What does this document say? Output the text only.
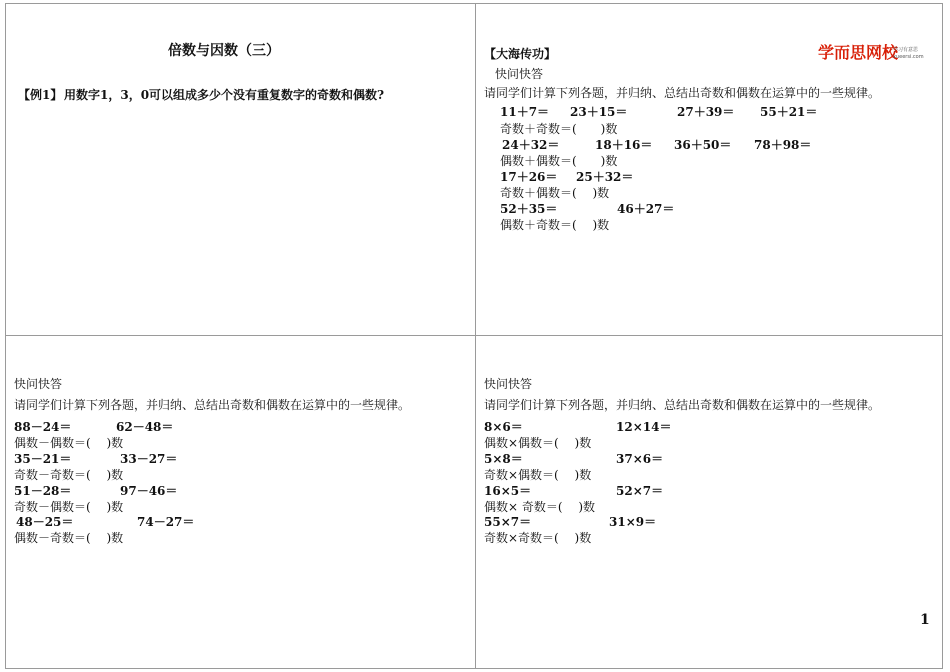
倍数与因数（三）
【例1】 用数字1，3，0可以组成多少个没有重复数字的奇数和偶数?
【大海传功】	学而思网校
学习有意思
xueersi.com
快问快答
请同学们计算下列各题，并归纳、总结出奇数和偶数在运算中的一些规律。
11＋7＝ 23＋15＝	27＋39＝ 55＋21＝
奇数＋奇数＝(　　)数
24＋32＝	18＋16＝ 36＋50＝ 78＋98＝
偶数＋偶数＝(　　)数
17＋26＝ 25＋32＝
奇数＋偶数＝(　 )数
52＋35＝	46＋27＝
偶数＋奇数＝(　 )数
快问快答
请同学们计算下列各题，并归纳、总结出奇数和偶数在运算中的一些规律。
88－24＝	62－48＝
偶数－偶数＝(　 )数
35－21＝	33－27＝
奇数－奇数＝(　 )数
51－28＝	97－46＝
奇数－偶数＝(　 )数
48－25＝	74－27＝
偶数－奇数＝(　 )数
快问快答
请同学们计算下列各题，并归纳、总结出奇数和偶数在运算中的一些规律。
8×6＝	12×14＝
偶数×偶数＝(　 )数
5×8＝	37×6＝
奇数×偶数＝(　 )数
16×5＝	52×7＝
偶数× 奇数＝(　 )数
55×7＝	31×9＝
奇数×奇数＝(　 )数
1
